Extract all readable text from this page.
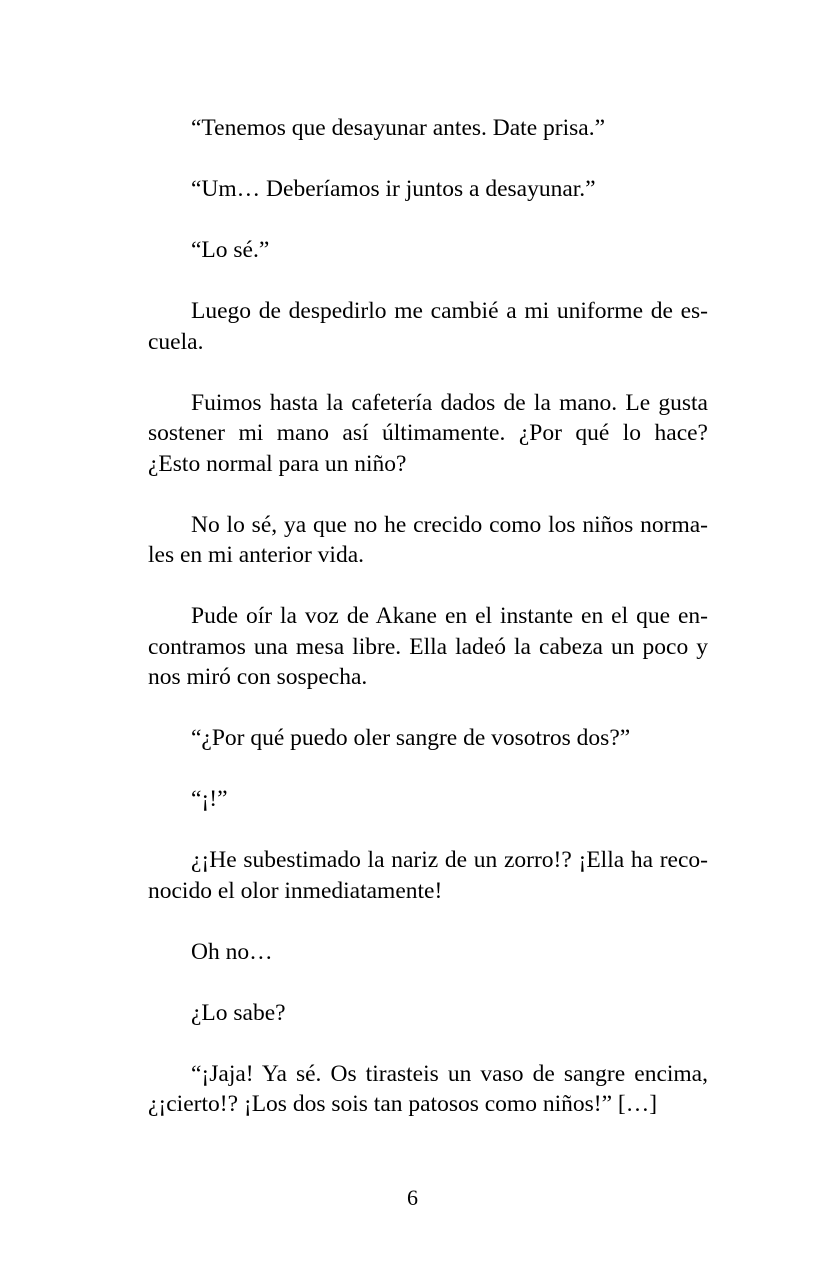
“Tenemos que desayunar antes. Date prisa.”
“Um… Deberíamos ir juntos a desayunar.”
“Lo sé.”
Luego de despedirlo me cambié a mi uniforme de es-
cuela.
Fuimos hasta la cafetería dados de la mano. Le gusta
sostener mi mano así últimamente. ¿Por qué lo hace?
¿Esto normal para un niño?
No lo sé, ya que no he crecido como los niños norma-
les en mi anterior vida.
Pude oír la voz de Akane en el instante en el que en-
contramos una mesa libre. Ella ladeó la cabeza un poco y
nos miró con sospecha.
“¿Por qué puedo oler sangre de vosotros dos?”
“¡!”
¿¡He subestimado la nariz de un zorro!? ¡Ella ha reco-
nocido el olor inmediatamente!
Oh no…
¿Lo sabe?
“¡Jaja! Ya sé. Os tirasteis un vaso de sangre encima,
¿¡cierto!? ¡Los dos sois tan patosos como niños!” […]
6
